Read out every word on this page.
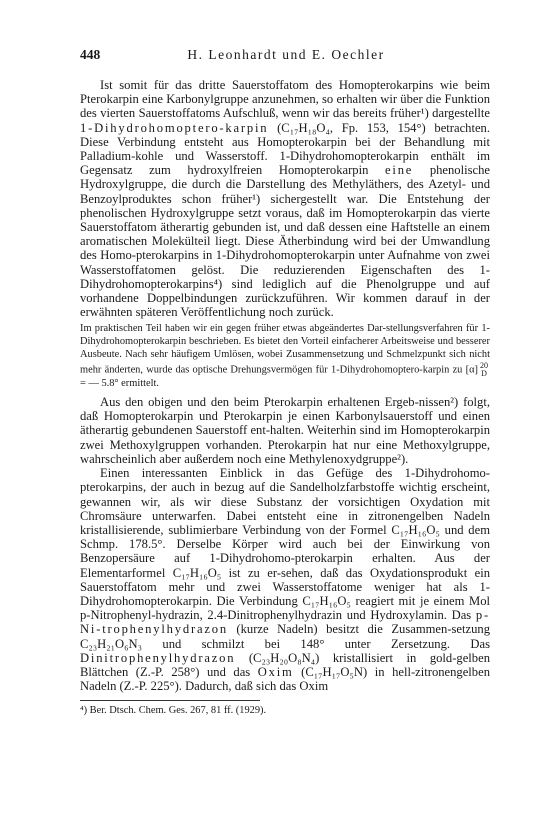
448	H. Leonhardt und E. Oechler

Ist somit für das dritte Sauerstoffatom des Homopterokarpins wie beim Pterokarpin eine Karbonylgruppe anzunehmen, so erhalten wir über die Funktion des vierten Sauerstoffatoms Aufschluß, wenn wir das bereits früher¹) dargestellte 1-Dihydrohomoptero-karpin (C₁₇H₁₈O₄, Fp. 153, 154°) betrachten. Diese Verbindung entsteht aus Homopterokarpin bei der Behandlung mit Palladium-kohle und Wasserstoff. 1-Dihydrohomopterokarpin enthält im Gegensatz zum hydroxylfreien Homopterokarpin eine phenolische Hydroxylgruppe, die durch die Darstellung des Methyläthers, des Azetyl- und Benzoylproduktes schon früher¹) sichergestellt war. Die Entstehung der phenolischen Hydroxylgruppe setzt voraus, daß im Homopterokarpin das vierte Sauerstoffatom ätherartig gebunden ist, und daß dessen eine Haftstelle an einem aromatischen Molekülteil liegt. Diese Ätherbindung wird bei der Umwandlung des Homo-pterokarpins in 1-Dihydrohomopterokarpin unter Aufnahme von zwei Wasserstoffatomen gelöst. Die reduzierenden Eigenschaften des 1-Dihydrohomopterokarpins⁴) sind lediglich auf die Phenolgruppe und auf vorhandene Doppelbindungen zurückzuführen. Wir kommen darauf in der erwähnten späteren Veröffentlichung noch zurück.

Im praktischen Teil haben wir ein gegen früher etwas abgeändertes Dar-stellungsverfahren für 1-Dihydrohomopterokarpin beschrieben. Es bietet den Vorteil einfacherer Arbeitsweise und besserer Ausbeute. Nach sehr häufigem Umlösen, wobei Zusammensetzung und Schmelzpunkt sich nicht mehr änderten, wurde das optische Drehungsvermögen für 1-Dihydrohomoptero-karpin zu [α] 20
D
= — 5.8° ermittelt.

Aus den obigen und den beim Pterokarpin erhaltenen Ergeb-nissen²) folgt, daß Homopterokarpin und Pterokarpin je einen Karbonylsauerstoff und einen ätherartig gebundenen Sauerstoff ent-halten. Weiterhin sind im Homopterokarpin zwei Methoxylgruppen vorhanden. Pterokarpin hat nur eine Methoxylgruppe, wahrscheinlich aber außerdem noch eine Methylenoxydgruppe²).

Einen interessanten Einblick in das Gefüge des 1-Dihydrohomo-pterokarpins, der auch in bezug auf die Sandelholzfarbstoffe wichtig erscheint, gewannen wir, als wir diese Substanz der vorsichtigen Oxydation mit Chromsäure unterwarfen. Dabei entsteht eine in zitronengelben Nadeln kristallisierende, sublimierbare Verbindung von der Formel C₁₇H₁₆O₅ und dem Schmp. 178.5°. Derselbe Körper wird auch bei der Einwirkung von Benzopersäure auf 1-Dihydrohomo-pterokarpin erhalten. Aus der Elementarformel C₁₇H₁₆O₅ ist zu er-sehen, daß das Oxydationsprodukt ein Sauerstoffatom mehr und zwei Wasserstoffatome weniger hat als 1-Dihydrohomopterokarpin. Die Verbindung C₁₇H₁₆O₅ reagiert mit je einem Mol p-Nitrophenyl-hydrazin, 2.4-Dinitrophenylhydrazin und Hydroxylamin. Das p-Ni-trophenylhydrazon (kurze Nadeln) besitzt die Zusammen-setzung C₂₃H₂₁O₆N₃ und schmilzt bei 148° unter Zersetzung. Das Dinitrophenylhydrazon (C₂₃H₂₀O₈N₄) kristallisiert in gold-gelben Blättchen (Z.-P. 258°) und das Oxim (C₁₇H₁₇O₅N) in hell-zitronengelben Nadeln (Z.-P. 225°). Dadurch, daß sich das Oxim

⁴) Ber. Dtsch. Chem. Ges. 267, 81 ff. (1929).
